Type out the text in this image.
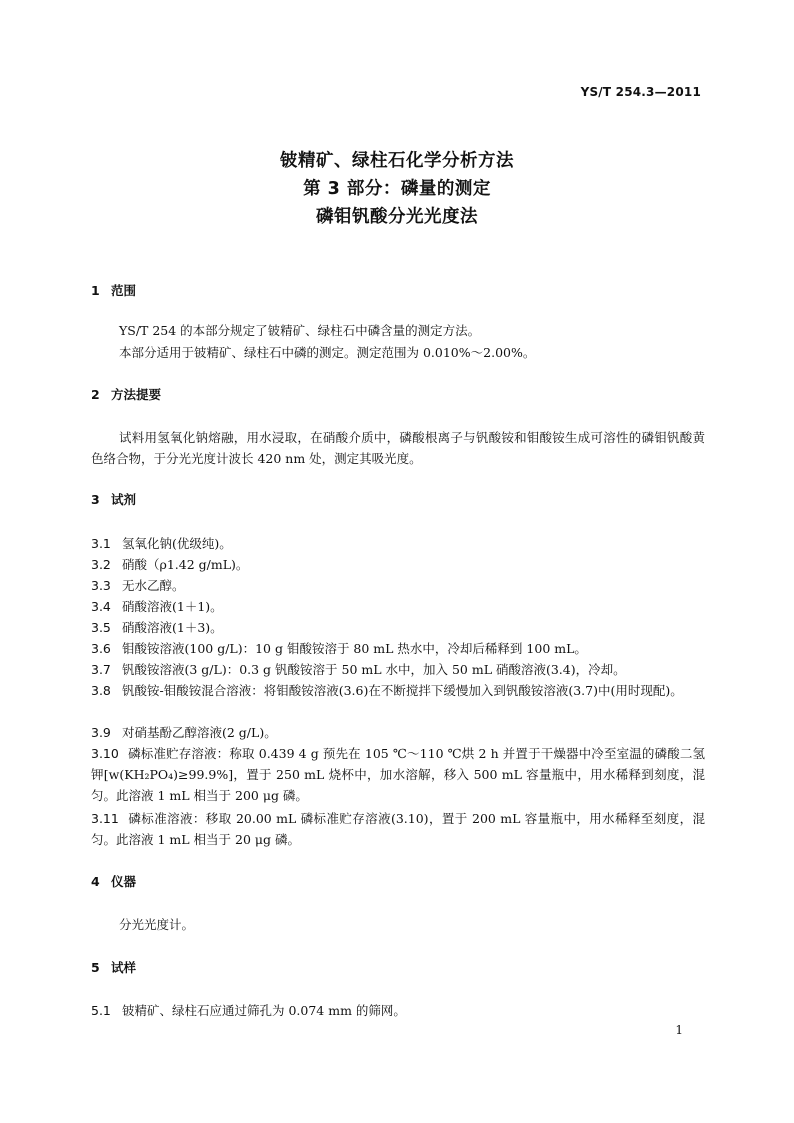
YS/T 254.3—2011
铍精矿、绿柱石化学分析方法
第 3 部分：磷量的测定
磷钼钒酸分光光度法
1 范围
YS/T 254 的本部分规定了铍精矿、绿柱石中磷含量的测定方法。
本部分适用于铍精矿、绿柱石中磷的测定。测定范围为 0.010%～2.00%。
2 方法提要
试料用氢氧化钠熔融，用水浸取，在硝酸介质中，磷酸根离子与钒酸铵和钼酸铵生成可溶性的磷钼钒酸黄色络合物，于分光光度计波长 420 nm 处，测定其吸光度。
3 试剂
3.1 氢氧化钠(优级纯)。
3.2 硝酸（ρ1.42 g/mL)。
3.3 无水乙醇。
3.4 硝酸溶液(1＋1)。
3.5 硝酸溶液(1＋3)。
3.6 钼酸铵溶液(100 g/L)：10 g 钼酸铵溶于 80 mL 热水中，冷却后稀释到 100 mL。
3.7 钒酸铵溶液(3 g/L)：0.3 g 钒酸铵溶于 50 mL 水中，加入 50 mL 硝酸溶液(3.4)，冷却。
3.8 钒酸铵-钼酸铵混合溶液：将钼酸铵溶液(3.6)在不断搅拌下缓慢加入到钒酸铵溶液(3.7)中(用时现配)。
3.9 对硝基酚乙醇溶液(2 g/L)。
3.10 磷标准贮存溶液：称取 0.439 4 g 预先在 105 ℃～110 ℃烘 2 h 并置于干燥器中冷至室温的磷酸二氢钾[w(KH₂PO₄)≥99.9%]，置于 250 mL 烧杯中，加水溶解，移入 500 mL 容量瓶中，用水稀释到刻度，混匀。此溶液 1 mL 相当于 200 μg 磷。
3.11 磷标准溶液：移取 20.00 mL 磷标准贮存溶液(3.10)，置于 200 mL 容量瓶中，用水稀释至刻度，混匀。此溶液 1 mL 相当于 20 μg 磷。
4 仪器
分光光度计。
5 试样
5.1 铍精矿、绿柱石应通过筛孔为 0.074 mm 的筛网。
1
